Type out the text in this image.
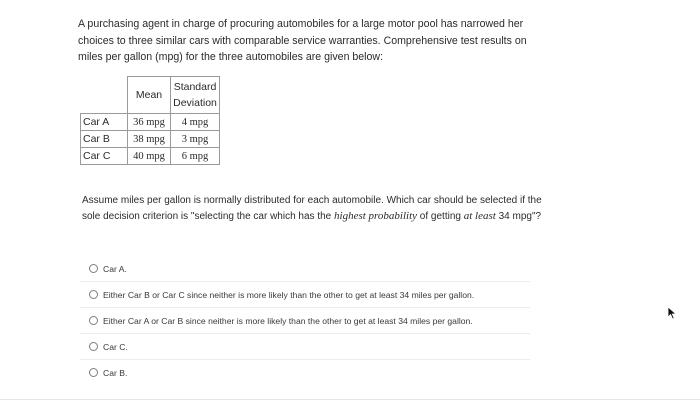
A purchasing agent in charge of procuring automobiles for a large motor pool has narrowed her choices to three similar cars with comparable service warranties. Comprehensive test results on miles per gallon (mpg) for the three automobiles are given below:
	Mean	Standard
Deviation

Car A	36 mpg	4 mpg
Car B	38 mpg	3 mpg
Car C	40 mpg	6 mpg
Assume miles per gallon is normally distributed for each automobile. Which car should be selected if the sole decision criterion is "selecting the car which has the highest probability of getting at least 34 mpg"?
Car A.
Either Car B or Car C since neither is more likely than the other to get at least 34 miles per gallon.
Either Car A or Car B since neither is more likely than the other to get at least 34 miles per gallon.
Car C.
Car B.
